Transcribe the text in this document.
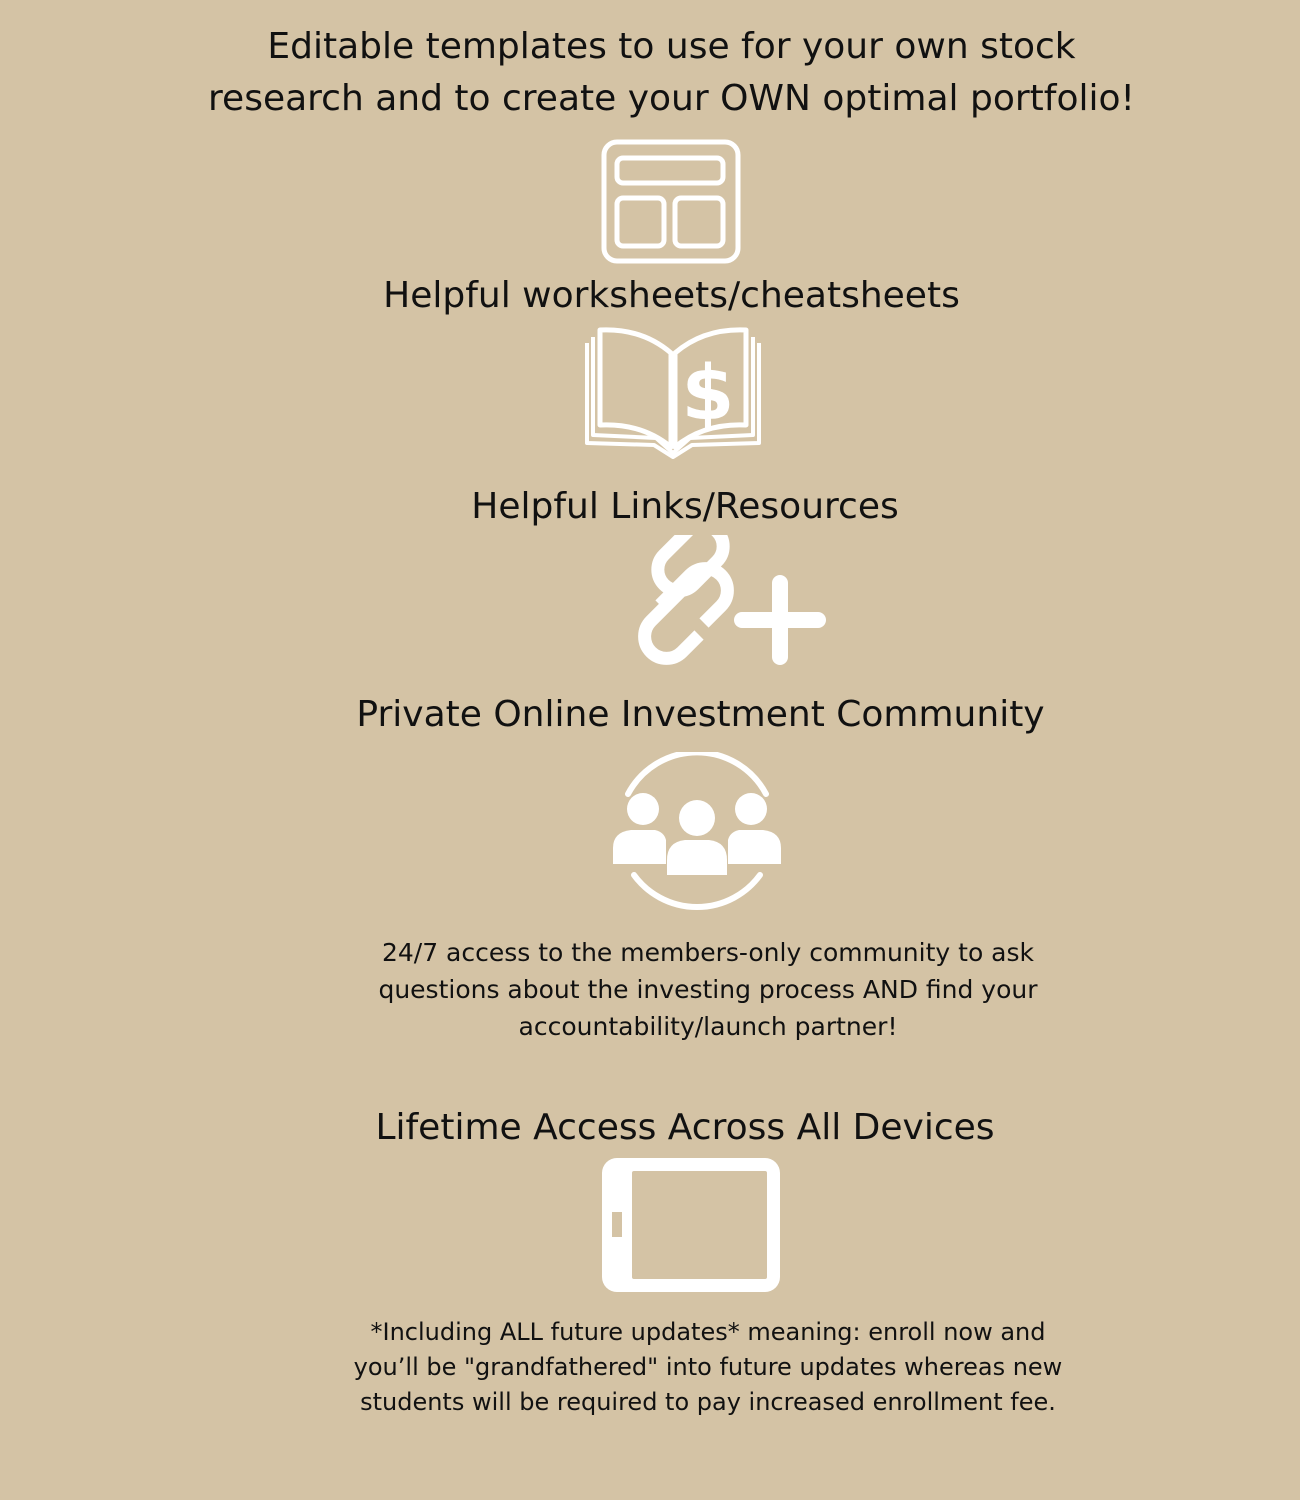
Editable templates to use for your own stock
research and to create your OWN optimal portfolio!
Helpful worksheets/cheatsheets
$
Helpful Links/Resources
Private Online Investment Community
24/7 access to the members-only community to ask
questions about the investing process AND find your
accountability/launch partner!
Lifetime Access Across All Devices
*Including ALL future updates* meaning: enroll now and
you’ll be "grandfathered" into future updates whereas new
students will be required to pay increased enrollment fee.
